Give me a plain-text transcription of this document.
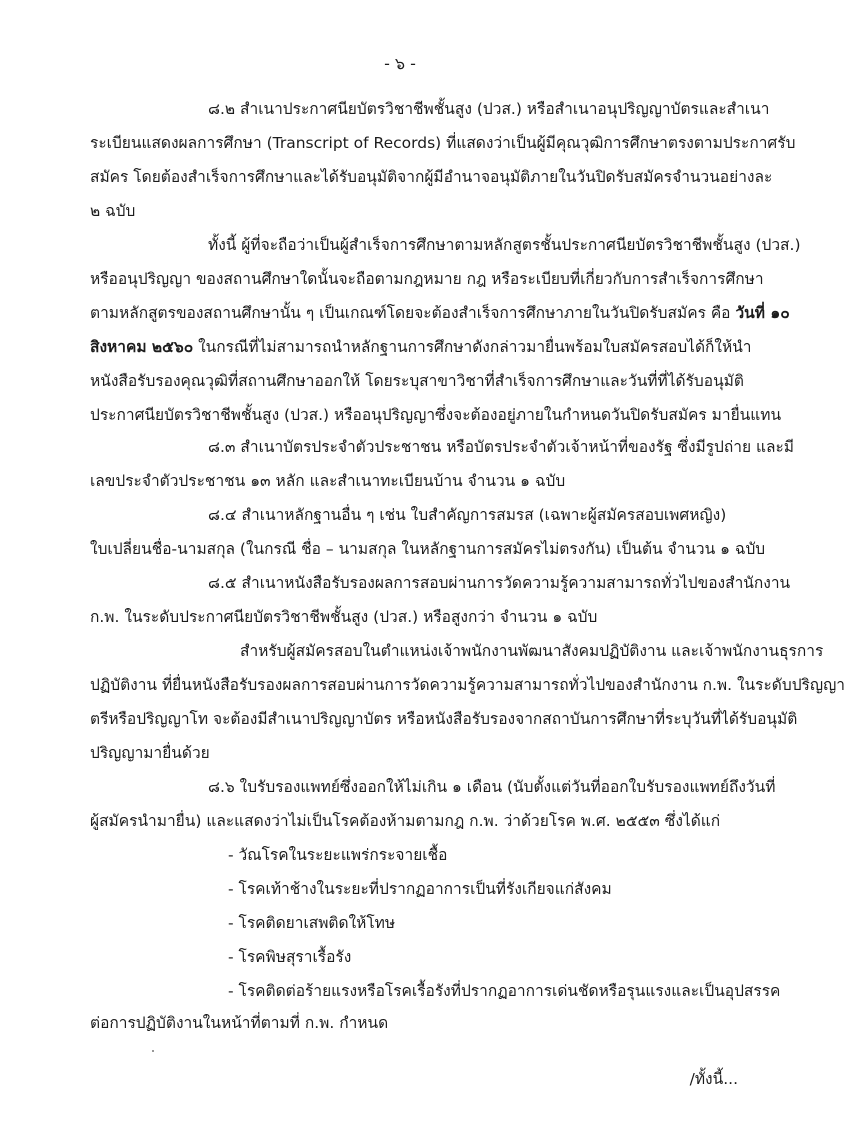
- ๖ -
๘.๒ สำเนาประกาศนียบัตรวิชาชีพชั้นสูง (ปวส.) หรือสำเนาอนุปริญญาบัตรและสำเนา
ระเบียนแสดงผลการศึกษา (Transcript of Records) ที่แสดงว่าเป็นผู้มีคุณวุฒิการศึกษาตรงตามประกาศรับ
สมัคร โดยต้องสำเร็จการศึกษาและได้รับอนุมัติจากผู้มีอำนาจอนุมัติภายในวันปิดรับสมัครจำนวนอย่างละ
๒ ฉบับ
ทั้งนี้ ผู้ที่จะถือว่าเป็นผู้สำเร็จการศึกษาตามหลักสูตรชั้นประกาศนียบัตรวิชาชีพชั้นสูง (ปวส.)
หรืออนุปริญญา ของสถานศึกษาใดนั้นจะถือตามกฎหมาย กฎ หรือระเบียบที่เกี่ยวกับการสำเร็จการศึกษา
ตามหลักสูตรของสถานศึกษานั้น ๆ เป็นเกณฑ์โดยจะต้องสำเร็จการศึกษาภายในวันปิดรับสมัคร คือ วันที่ ๑๐
สิงหาคม ๒๕๖๐ ในกรณีที่ไม่สามารถนำหลักฐานการศึกษาดังกล่าวมายื่นพร้อมใบสมัครสอบได้ก็ให้นำ
หนังสือรับรองคุณวุฒิที่สถานศึกษาออกให้ โดยระบุสาขาวิชาที่สำเร็จการศึกษาและวันที่ที่ได้รับอนุมัติ
ประกาศนียบัตรวิชาชีพชั้นสูง (ปวส.) หรืออนุปริญญาซึ่งจะต้องอยู่ภายในกำหนดวันปิดรับสมัคร มายื่นแทน
๘.๓ สำเนาบัตรประจำตัวประชาชน หรือบัตรประจำตัวเจ้าหน้าที่ของรัฐ ซึ่งมีรูปถ่าย และมี
เลขประจำตัวประชาชน ๑๓ หลัก และสำเนาทะเบียนบ้าน จำนวน ๑ ฉบับ
๘.๔ สำเนาหลักฐานอื่น ๆ เช่น ใบสำคัญการสมรส (เฉพาะผู้สมัครสอบเพศหญิง)
ใบเปลี่ยนชื่อ-นามสกุล (ในกรณี ชื่อ – นามสกุล ในหลักฐานการสมัครไม่ตรงกัน) เป็นต้น จำนวน ๑ ฉบับ
๘.๕ สำเนาหนังสือรับรองผลการสอบผ่านการวัดความรู้ความสามารถทั่วไปของสำนักงาน
ก.พ. ในระดับประกาศนียบัตรวิชาชีพชั้นสูง (ปวส.) หรือสูงกว่า จำนวน ๑ ฉบับ
สำหรับผู้สมัครสอบในตำแหน่งเจ้าพนักงานพัฒนาสังคมปฏิบัติงาน และเจ้าพนักงานธุรการ
ปฏิบัติงาน ที่ยื่นหนังสือรับรองผลการสอบผ่านการวัดความรู้ความสามารถทั่วไปของสำนักงาน ก.พ. ในระดับปริญญา
ตรีหรือปริญญาโท จะต้องมีสำเนาปริญญาบัตร หรือหนังสือรับรองจากสถาบันการศึกษาที่ระบุวันที่ได้รับอนุมัติ
ปริญญามายื่นด้วย
๘.๖ ใบรับรองแพทย์ซึ่งออกให้ไม่เกิน ๑ เดือน (นับตั้งแต่วันที่ออกใบรับรองแพทย์ถึงวันที่
ผู้สมัครนำมายื่น) และแสดงว่าไม่เป็นโรคต้องห้ามตามกฎ ก.พ. ว่าด้วยโรค พ.ศ. ๒๕๕๓ ซึ่งได้แก่
- วัณโรคในระยะแพร่กระจายเชื้อ
- โรคเท้าช้างในระยะที่ปรากฏอาการเป็นที่รังเกียจแก่สังคม
- โรคติดยาเสพติดให้โทษ
- โรคพิษสุราเรื้อรัง
- โรคติดต่อร้ายแรงหรือโรคเรื้อรังที่ปรากฏอาการเด่นชัดหรือรุนแรงและเป็นอุปสรรค
ต่อการปฏิบัติงานในหน้าที่ตามที่ ก.พ. กำหนด
/ทั้งนี้...
